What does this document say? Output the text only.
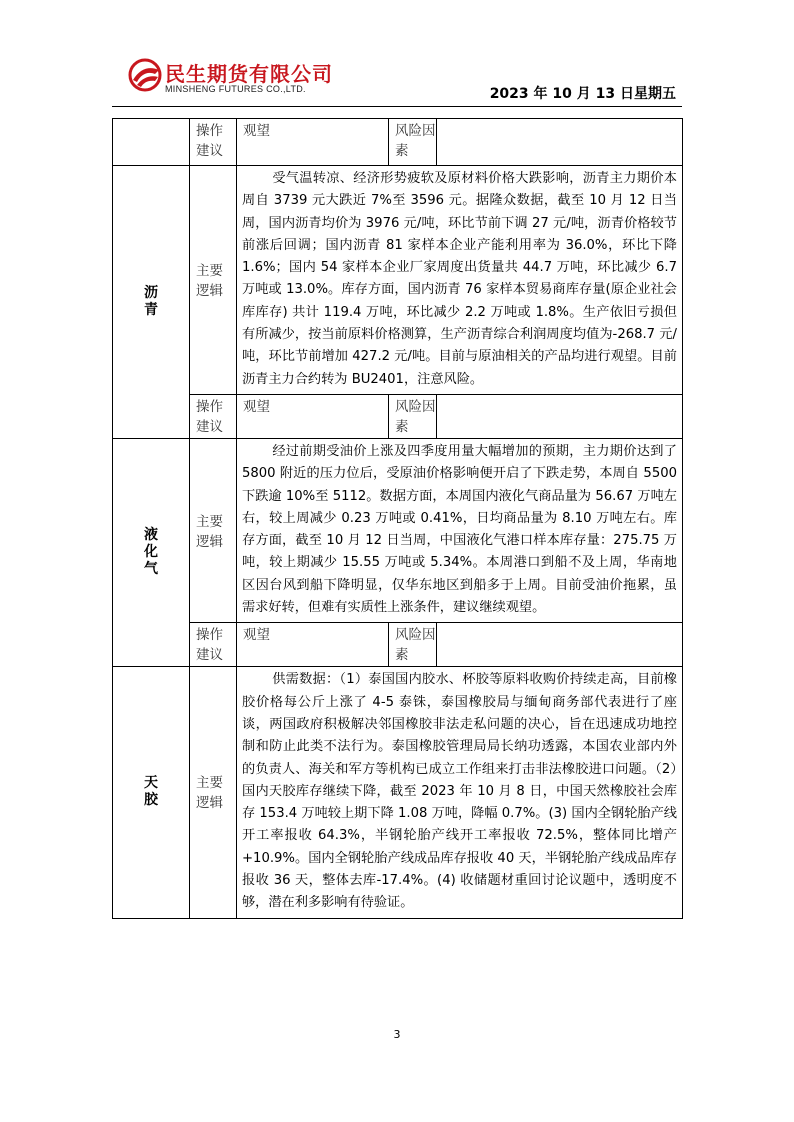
民生期货有限公司
MINSHENG FUTURES CO.,LTD.	2023 年 10 月 13 日星期五
	操作建议	观望	风险因素	
沥青	主要逻辑	受气温转凉、经济形势疲软及原材料价格大跌影响，沥青主力期价本周自 3739 元大跌近 7%至 3596 元。据隆众数据，截至 10 月 12 日当周，国内沥青均价为 3976 元/吨，环比节前下调 27 元/吨，沥青价格较节前涨后回调；国内沥青 81 家样本企业产能利用率为 36.0%，环比下降 1.6%；国内 54 家样本企业厂家周度出货量共 44.7 万吨，环比减少 6.7 万吨或 13.0%。库存方面，国内沥青 76 家样本贸易商库存量(原企业社会库库存) 共计 119.4 万吨，环比减少 2.2 万吨或 1.8%。生产依旧亏损但有所减少，按当前原料价格测算，生产沥青综合利润周度均值为-268.7 元/吨，环比节前增加 427.2 元/吨。目前与原油相关的产品均进行观望。目前沥青主力合约转为 BU2401，注意风险。		
	操作建议	观望	风险因素	
液化气	主要逻辑	经过前期受油价上涨及四季度用量大幅增加的预期，主力期价达到了 5800 附近的压力位后，受原油价格影响便开启了下跌走势，本周自 5500 下跌逾 10%至 5112。数据方面，本周国内液化气商品量为 56.67 万吨左右，较上周减少 0.23 万吨或 0.41%，日均商品量为 8.10 万吨左右。库存方面，截至 10 月 12 日当周，中国液化气港口样本库存量：275.75 万吨，较上期减少 15.55 万吨或 5.34%。本周港口到船不及上周，华南地区因台风到船下降明显，仅华东地区到船多于上周。目前受油价拖累，虽需求好转，但难有实质性上涨条件，建议继续观望。		
	操作建议	观望	风险因素	
天胶	主要逻辑	供需数据：（1）泰国国内胶水、杯胶等原料收购价持续走高，目前橡胶价格每公斤上涨了 4-5 泰铢，泰国橡胶局与缅甸商务部代表进行了座谈，两国政府积极解决邻国橡胶非法走私问题的决心，旨在迅速成功地控制和防止此类不法行为。泰国橡胶管理局局长纳功透露，本国农业部内外的负责人、海关和军方等机构已成立工作组来打击非法橡胶进口问题。（2）国内天胶库存继续下降，截至 2023 年 10 月 8 日，中国天然橡胶社会库存 153.4 万吨较上期下降 1.08 万吨，降幅 0.7%。(3) 国内全钢轮胎产线开工率报收 64.3%，半钢轮胎产线开工率报收 72.5%，整体同比增产+10.9%。国内全钢轮胎产线成品库存报收 40 天，半钢轮胎产线成品库存报收 36 天，整体去库-17.4%。(4) 收储题材重回讨论议题中，透明度不够，潜在利多影响有待验证。		
3
